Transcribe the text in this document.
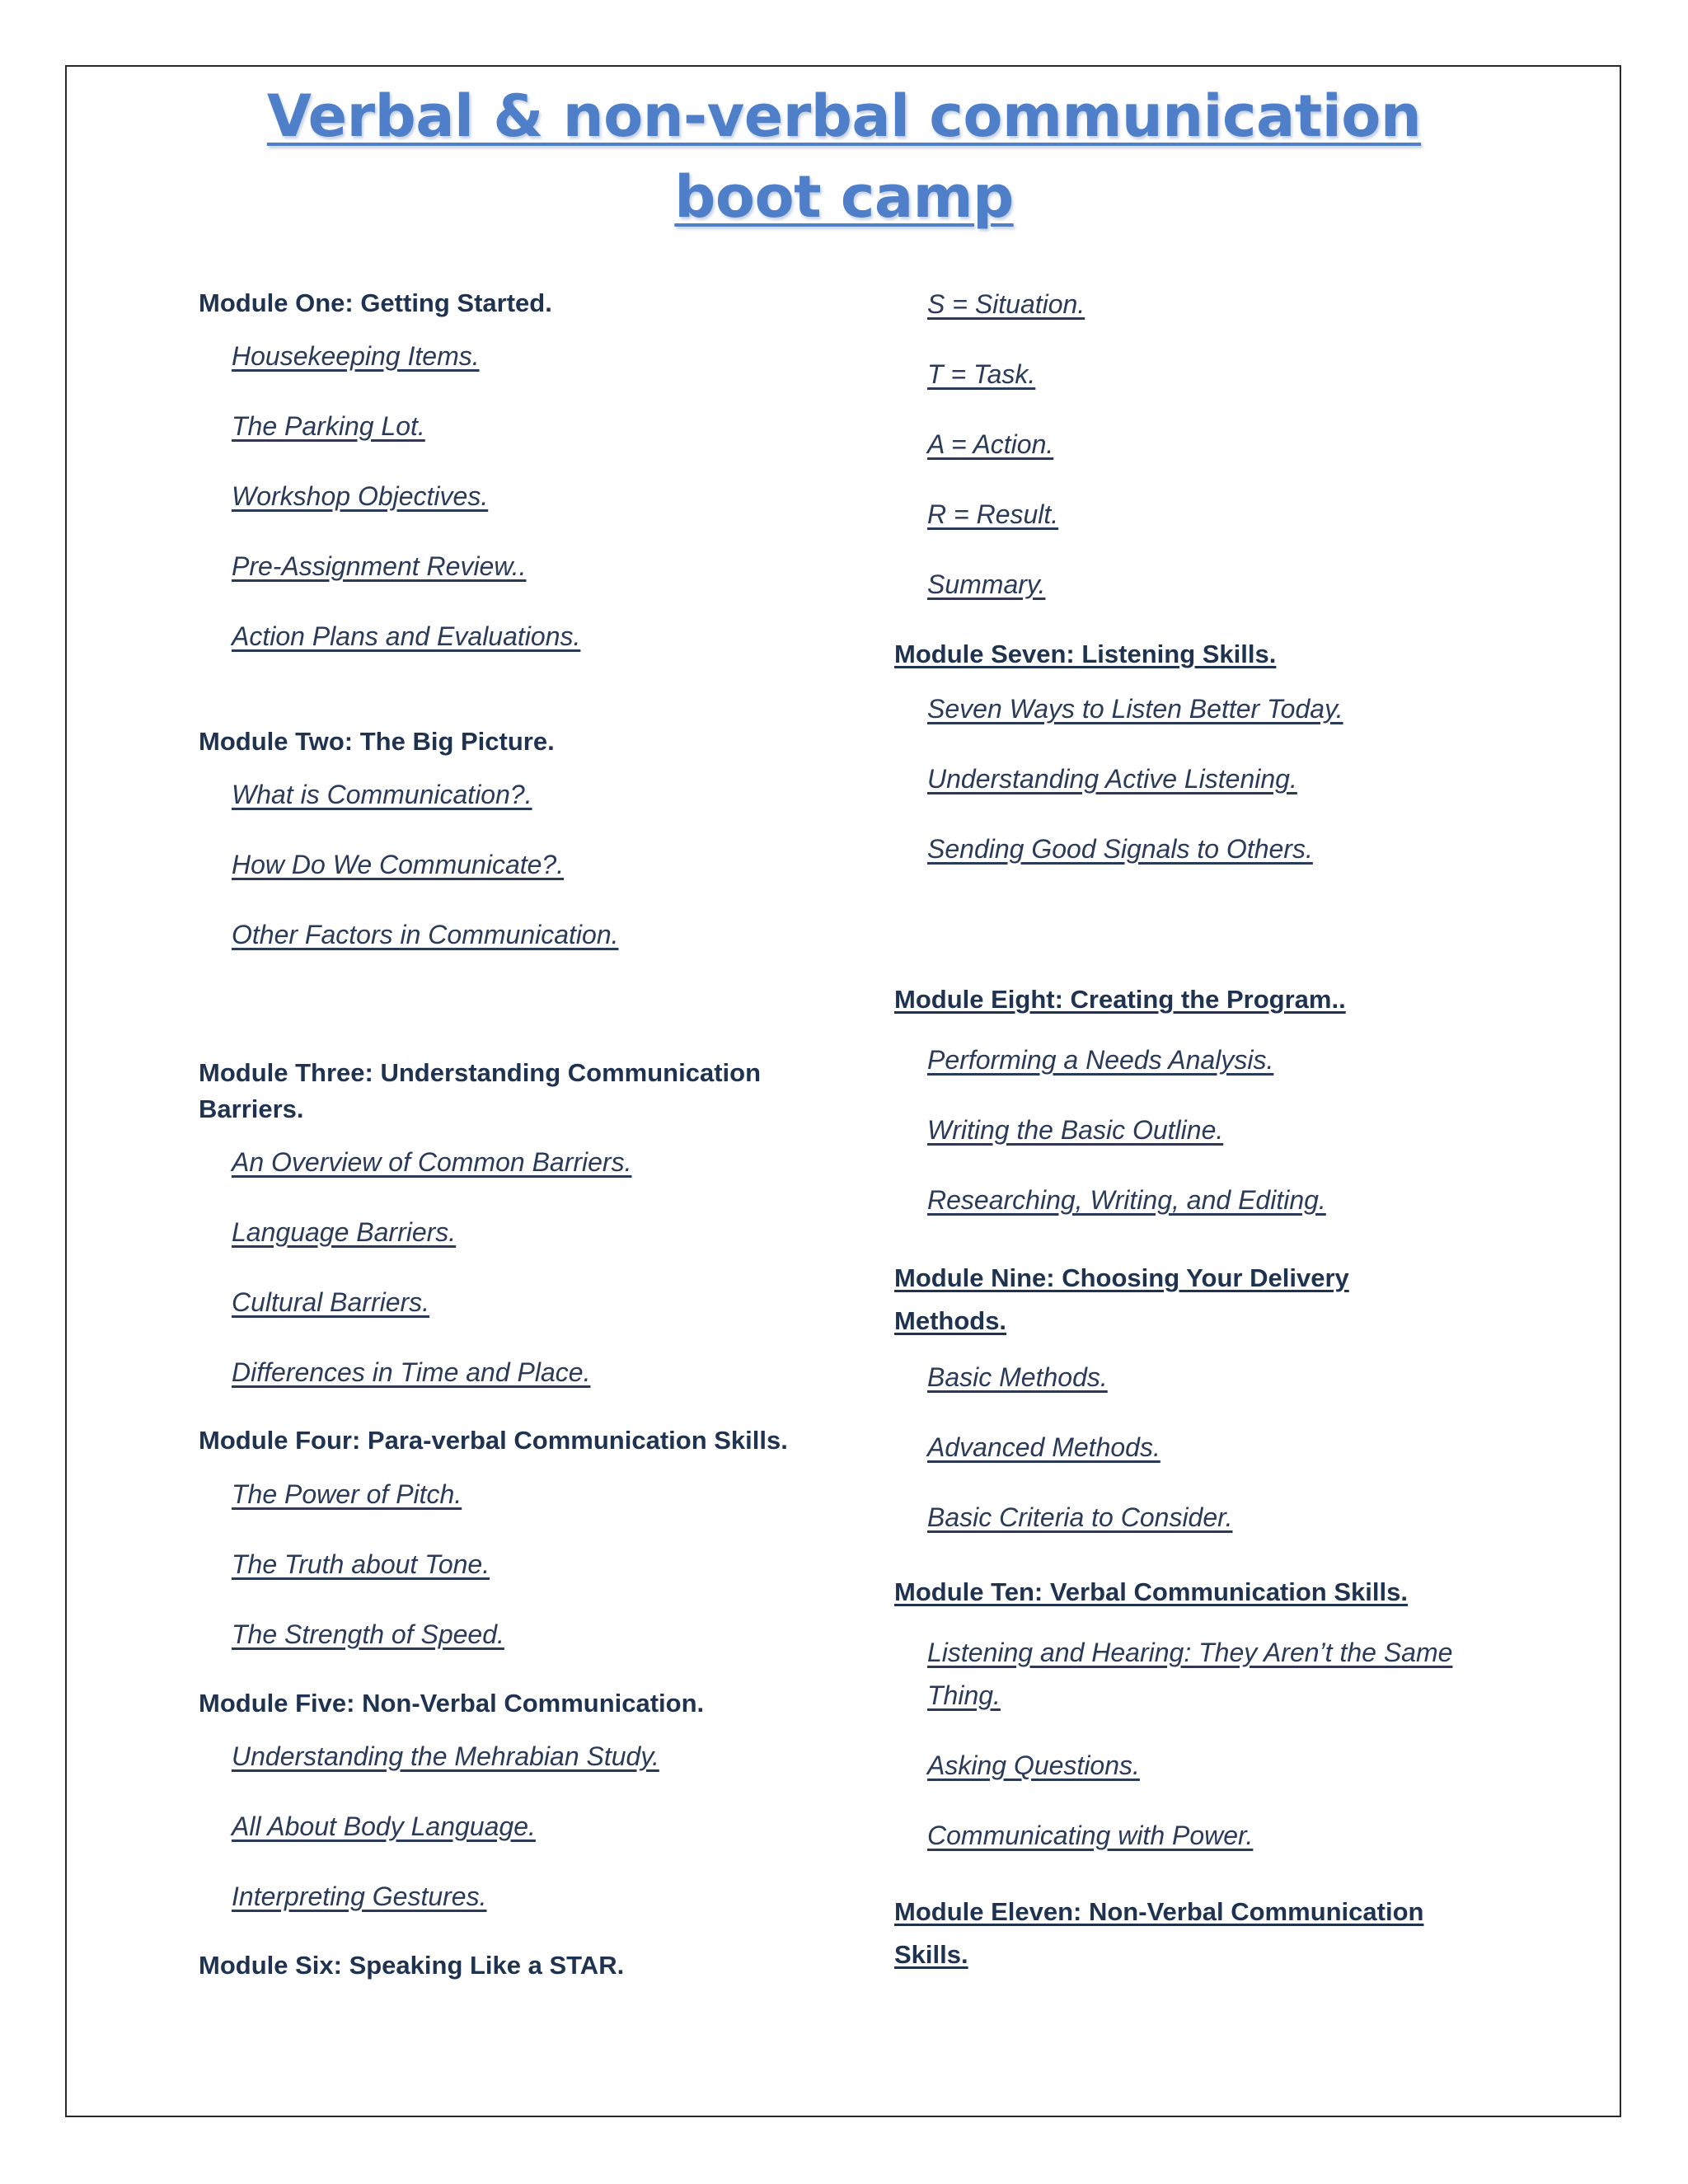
Verbal & non-verbal communication
boot camp
Module One: Getting Started.
Housekeeping Items.
The Parking Lot.
Workshop Objectives.
Pre-Assignment Review..
Action Plans and Evaluations.
Module Two: The Big Picture.
What is Communication?.
How Do We Communicate?.
Other Factors in Communication.
Module Three: Understanding Communication
Barriers.
An Overview of Common Barriers.
Language Barriers.
Cultural Barriers.
Differences in Time and Place.
Module Four: Para-verbal Communication Skills.
The Power of Pitch.
The Truth about Tone.
The Strength of Speed.
Module Five: Non-Verbal Communication.
Understanding the Mehrabian Study.
All About Body Language.
Interpreting Gestures.
Module Six: Speaking Like a STAR.
S = Situation.
T = Task.
A = Action.
R = Result.
Summary.
Module Seven: Listening Skills.
Seven Ways to Listen Better Today.
Understanding Active Listening.
Sending Good Signals to Others.
Module Eight: Creating the Program..
Performing a Needs Analysis.
Writing the Basic Outline.
Researching, Writing, and Editing.
Module Nine: Choosing Your Delivery
Methods.
Basic Methods.
Advanced Methods.
Basic Criteria to Consider.
Module Ten: Verbal Communication Skills.
Listening and Hearing: They Aren’t the Same
Thing.
Asking Questions.
Communicating with Power.
Module Eleven: Non-Verbal Communication
Skills.
